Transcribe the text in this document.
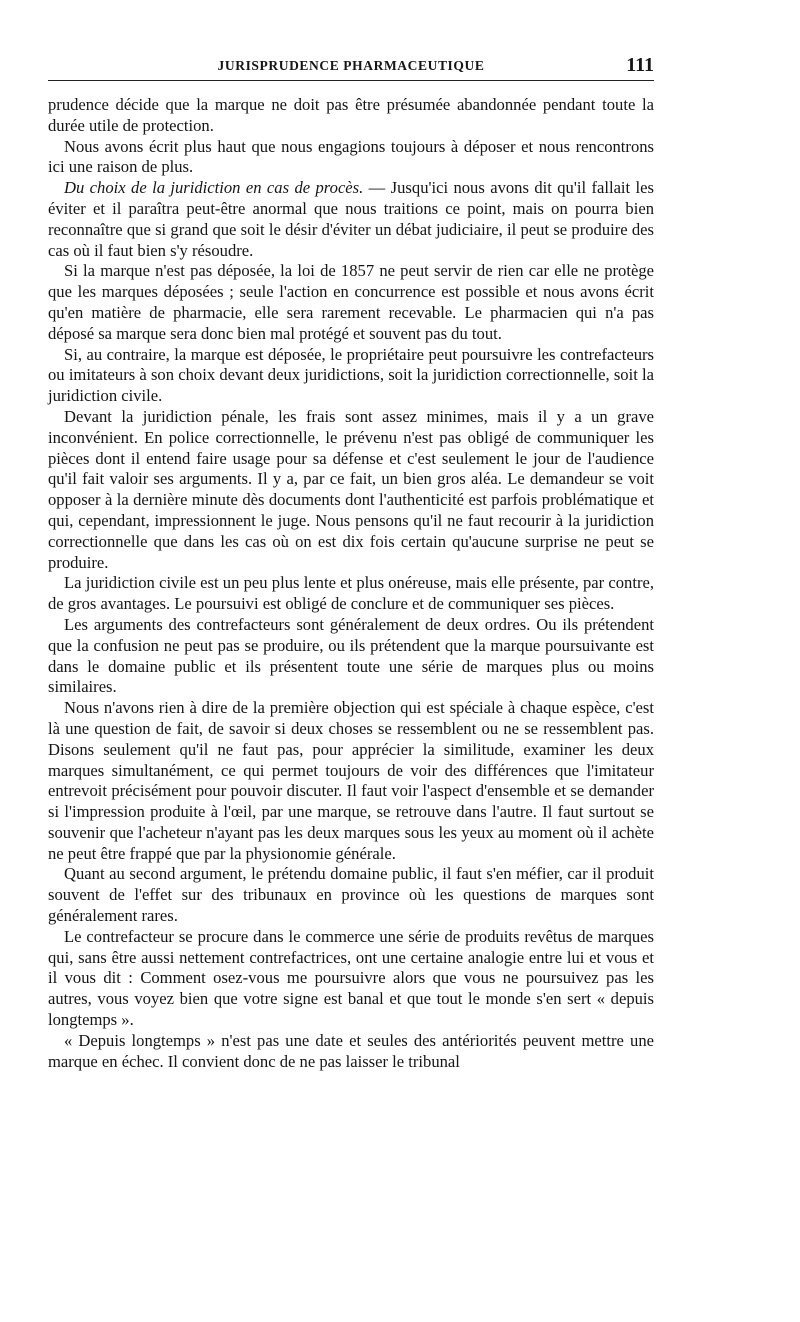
JURISPRUDENCE PHARMACEUTIQUE	111

prudence décide que la marque ne doit pas être présumée abandonnée pendant toute la durée utile de protection.

Nous avons écrit plus haut que nous engagions toujours à déposer et nous rencontrons ici une raison de plus.

Du choix de la juridiction en cas de procès. — Jusqu'ici nous avons dit qu'il fallait les éviter et il paraîtra peut-être anormal que nous traitions ce point, mais on pourra bien reconnaître que si grand que soit le désir d'éviter un débat judiciaire, il peut se produire des cas où il faut bien s'y résoudre.

Si la marque n'est pas déposée, la loi de 1857 ne peut servir de rien car elle ne protège que les marques déposées ; seule l'action en concurrence est possible et nous avons écrit qu'en matière de pharmacie, elle sera rarement recevable. Le pharmacien qui n'a pas déposé sa marque sera donc bien mal protégé et souvent pas du tout.

Si, au contraire, la marque est déposée, le propriétaire peut poursuivre les contrefacteurs ou imitateurs à son choix devant deux juridictions, soit la juridiction correctionnelle, soit la juridiction civile.

Devant la juridiction pénale, les frais sont assez minimes, mais il y a un grave inconvénient. En police correctionnelle, le prévenu n'est pas obligé de communiquer les pièces dont il entend faire usage pour sa défense et c'est seulement le jour de l'audience qu'il fait valoir ses arguments. Il y a, par ce fait, un bien gros aléa. Le demandeur se voit opposer à la dernière minute dès documents dont l'authenticité est parfois problématique et qui, cependant, impressionnent le juge. Nous pensons qu'il ne faut recourir à la juridiction correctionnelle que dans les cas où on est dix fois certain qu'aucune surprise ne peut se produire.

La juridiction civile est un peu plus lente et plus onéreuse, mais elle présente, par contre, de gros avantages. Le poursuivi est obligé de conclure et de communiquer ses pièces.

Les arguments des contrefacteurs sont généralement de deux ordres. Ou ils prétendent que la confusion ne peut pas se produire, ou ils prétendent que la marque poursuivante est dans le domaine public et ils présentent toute une série de marques plus ou moins similaires.

Nous n'avons rien à dire de la première objection qui est spéciale à chaque espèce, c'est là une question de fait, de savoir si deux choses se ressemblent ou ne se ressemblent pas. Disons seulement qu'il ne faut pas, pour apprécier la similitude, examiner les deux marques simultanément, ce qui permet toujours de voir des différences que l'imitateur entrevoit précisément pour pouvoir discuter. Il faut voir l'aspect d'ensemble et se demander si l'impression produite à l'œil, par une marque, se retrouve dans l'autre. Il faut surtout se souvenir que l'acheteur n'ayant pas les deux marques sous les yeux au moment où il achète ne peut être frappé que par la physionomie générale.

Quant au second argument, le prétendu domaine public, il faut s'en méfier, car il produit souvent de l'effet sur des tribunaux en province où les questions de marques sont généralement rares.

Le contrefacteur se procure dans le commerce une série de produits revêtus de marques qui, sans être aussi nettement contrefactrices, ont une certaine analogie entre lui et vous et il vous dit : Comment osez-vous me poursuivre alors que vous ne poursuivez pas les autres, vous voyez bien que votre signe est banal et que tout le monde s'en sert « depuis longtemps ».

« Depuis longtemps » n'est pas une date et seules des antériorités peuvent mettre une marque en échec. Il convient donc de ne pas laisser le tribunal
